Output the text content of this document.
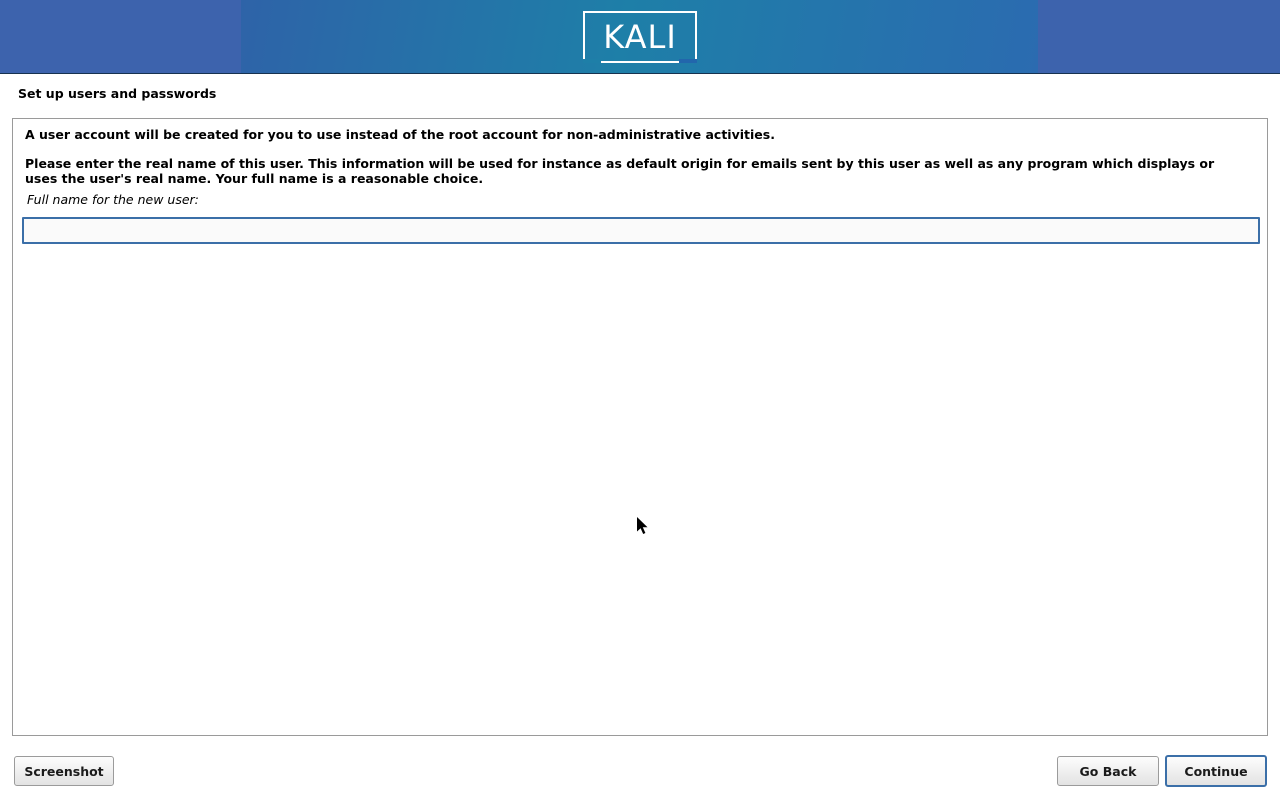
KALI
Set up users and passwords
A user account will be created for you to use instead of the root account for non-administrative activities.
Please enter the real name of this user. This information will be used for instance as default origin for emails sent by this user as well as any program which displays or uses the user's real name. Your full name is a reasonable choice.
Full name for the new user:
Screenshot	Go Back	Continue
